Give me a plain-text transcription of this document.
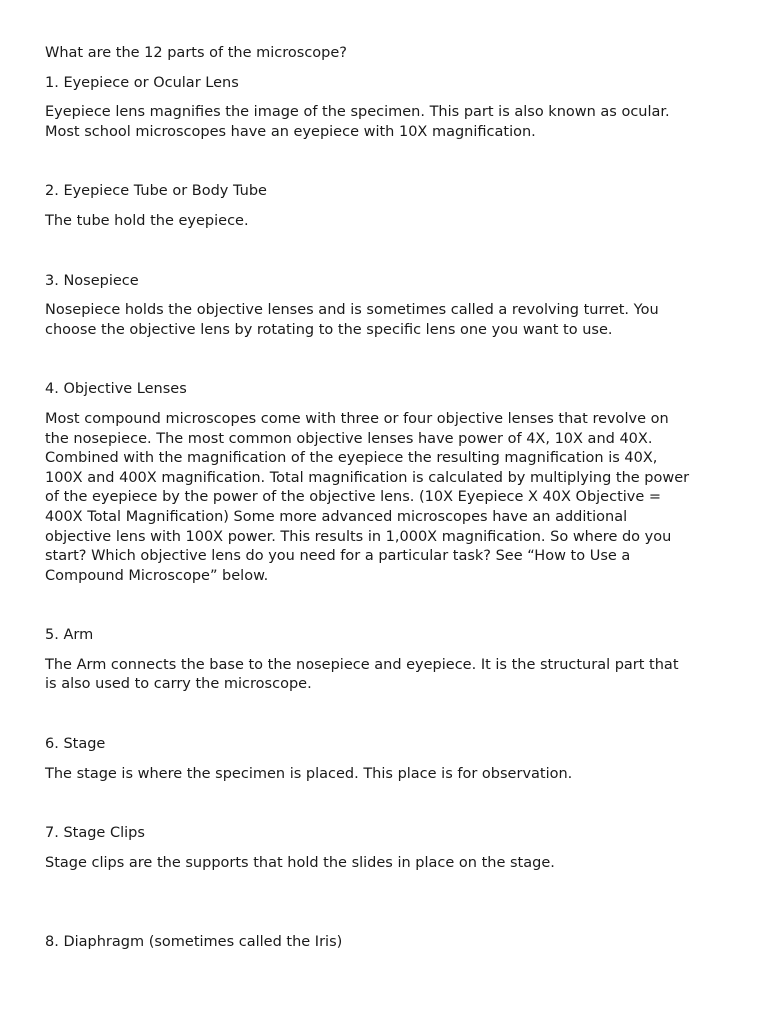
What are the 12 parts of the microscope?

1. Eyepiece or Ocular Lens

Eyepiece lens magnifies the image of the specimen. This part is also known as ocular.
Most school microscopes have an eyepiece with 10X magnification.

2. Eyepiece Tube or Body Tube

The tube hold the eyepiece.

3. Nosepiece

Nosepiece holds the objective lenses and is sometimes called a revolving turret. You
choose the objective lens by rotating to the specific lens one you want to use.

4. Objective Lenses

Most compound microscopes come with three or four objective lenses that revolve on
the nosepiece. The most common objective lenses have power of 4X, 10X and 40X.
Combined with the magnification of the eyepiece the resulting magnification is 40X,
100X and 400X magnification. Total magnification is calculated by multiplying the power
of the eyepiece by the power of the objective lens. (10X Eyepiece X 40X Objective =
400X Total Magnification) Some more advanced microscopes have an additional
objective lens with 100X power. This results in 1,000X magnification. So where do you
start? Which objective lens do you need for a particular task? See “How to Use a
Compound Microscope” below.

5. Arm

The Arm connects the base to the nosepiece and eyepiece. It is the structural part that
is also used to carry the microscope.

6. Stage

The stage is where the specimen is placed. This place is for observation.

7. Stage Clips

Stage clips are the supports that hold the slides in place on the stage.

8. Diaphragm (sometimes called the Iris)
